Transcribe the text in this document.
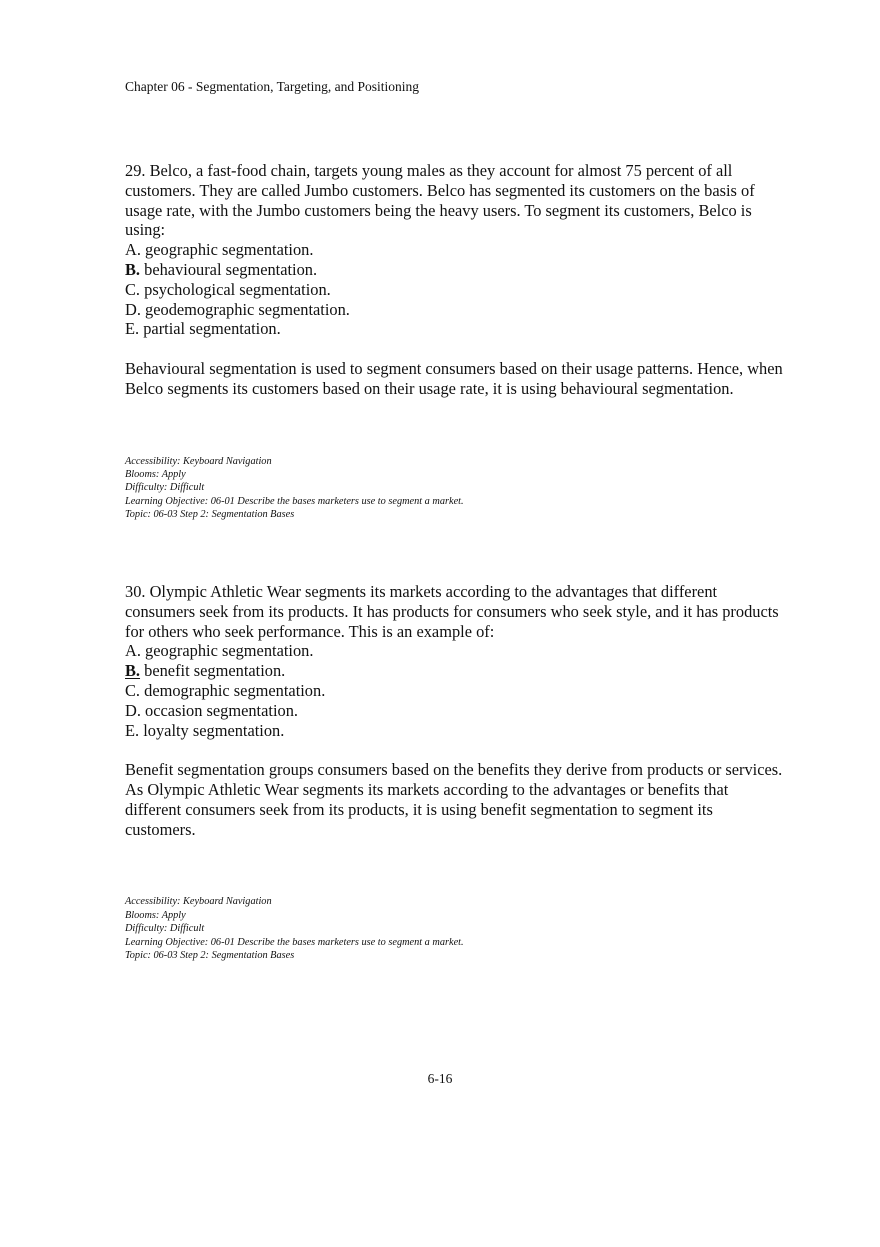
Chapter 06 - Segmentation, Targeting, and Positioning

29. Belco, a fast-food chain, targets young males as they account for almost 75 percent of all customers. They are called Jumbo customers. Belco has segmented its customers on the basis of usage rate, with the Jumbo customers being the heavy users. To segment its customers, Belco is using:

A. geographic segmentation.
B. behavioural segmentation.
C. psychological segmentation.
D. geodemographic segmentation.
E. partial segmentation.

Behavioural segmentation is used to segment consumers based on their usage patterns. Hence, when Belco segments its customers based on their usage rate, it is using behavioural segmentation.

Accessibility: Keyboard Navigation
Blooms: Apply
Difficulty: Difficult
Learning Objective: 06-01 Describe the bases marketers use to segment a market.
Topic: 06-03 Step 2: Segmentation Bases

30. Olympic Athletic Wear segments its markets according to the advantages that different consumers seek from its products. It has products for consumers who seek style, and it has products for others who seek performance. This is an example of:

A. geographic segmentation.
B. benefit segmentation.
C. demographic segmentation.
D. occasion segmentation.
E. loyalty segmentation.

Benefit segmentation groups consumers based on the benefits they derive from products or services. As Olympic Athletic Wear segments its markets according to the advantages or benefits that different consumers seek from its products, it is using benefit segmentation to segment its customers.

Accessibility: Keyboard Navigation
Blooms: Apply
Difficulty: Difficult
Learning Objective: 06-01 Describe the bases marketers use to segment a market.
Topic: 06-03 Step 2: Segmentation Bases
6-16
